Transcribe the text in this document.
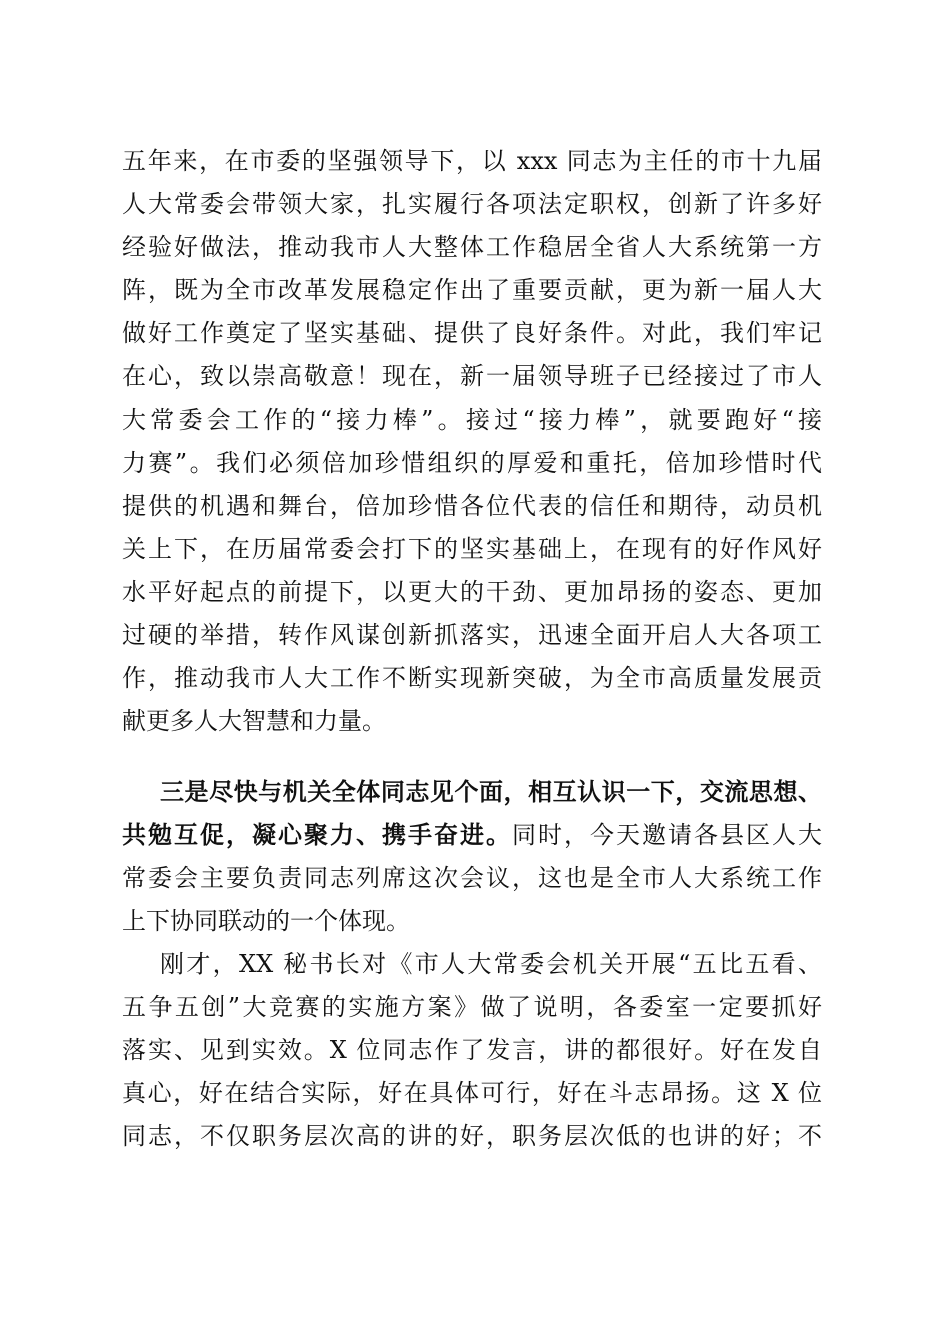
五年来，在市委的坚强领导下，以 xxx 同志为主任的市十九届
人大常委会带领大家，扎实履行各项法定职权，创新了许多好
经验好做法，推动我市人大整体工作稳居全省人大系统第一方
阵，既为全市改革发展稳定作出了重要贡献，更为新一届人大
做好工作奠定了坚实基础、提供了良好条件。对此，我们牢记
在心，致以崇高敬意！现在，新一届领导班子已经接过了市人
大常委会工作的“接力棒”。接过“接力棒”，就要跑好“接
力赛”。我们必须倍加珍惜组织的厚爱和重托，倍加珍惜时代
提供的机遇和舞台，倍加珍惜各位代表的信任和期待，动员机
关上下，在历届常委会打下的坚实基础上，在现有的好作风好
水平好起点的前提下，以更大的干劲、更加昂扬的姿态、更加
过硬的举措，转作风谋创新抓落实，迅速全面开启人大各项工
作，推动我市人大工作不断实现新突破，为全市高质量发展贡
献更多人大智慧和力量。
三是尽快与机关全体同志见个面，相互认识一下，交流思想、
共勉互促，凝心聚力、携手奋进。同时，今天邀请各县区人大
常委会主要负责同志列席这次会议，这也是全市人大系统工作
上下协同联动的一个体现。
刚才，XX 秘书长对《市人大常委会机关开展“五比五看、
五争五创”大竞赛的实施方案》做了说明，各委室一定要抓好
落实、见到实效。X 位同志作了发言，讲的都很好。好在发自
真心，好在结合实际，好在具体可行，好在斗志昂扬。这 X 位
同志，不仅职务层次高的讲的好，职务层次低的也讲的好；不
